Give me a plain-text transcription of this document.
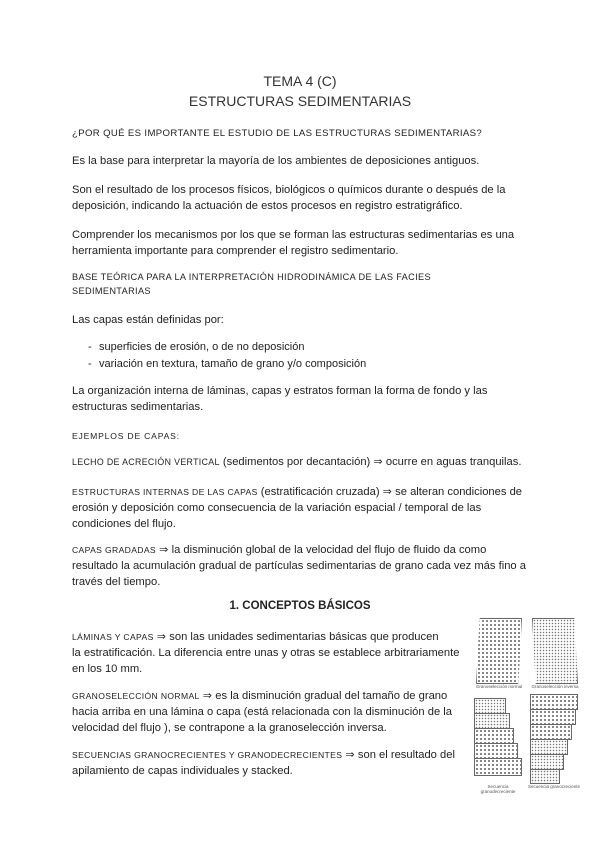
TEMA 4 (C)
ESTRUCTURAS SEDIMENTARIAS
¿POR QUÉ ES IMPORTANTE EL ESTUDIO DE LAS ESTRUCTURAS SEDIMENTARIAS?
Es la base para interpretar la mayoría de los ambientes de deposiciones antiguos.
Son el resultado de los procesos físicos, biológicos o químicos durante o después de la
deposición, indicando la actuación de estos procesos en registro estratigráfico.
Comprender los mecanismos por los que se forman las estructuras sedimentarias es una
herramienta importante para comprender el registro sedimentario.
BASE TEÓRICA PARA LA INTERPRETACIÓN HIDRODINÁMICA DE LAS FACIES
SEDIMENTARIAS
Las capas están definidas por:
- superficies de erosión, o de no deposición
- variación en textura, tamaño de grano y/o composición
La organización interna de láminas, capas y estratos forman la forma de fondo y las
estructuras sedimentarias.
EJEMPLOS DE CAPAS:
LECHO DE ACRECIÓN VERTICAL (sedimentos por decantación) ⇒ ocurre en aguas tranquilas.
ESTRUCTURAS INTERNAS DE LAS CAPAS (estratificación cruzada) ⇒ se alteran condiciones de
erosión y deposición como consecuencia de la variación espacial / temporal de las
condiciones del flujo.
CAPAS GRADADAS ⇒ la disminución global de la velocidad del flujo de fluido da como
resultado la acumulación gradual de partículas sedimentarias de grano cada vez más fino a
través del tiempo.
1. CONCEPTOS BÁSICOS
LÁMINAS Y CAPAS ⇒ son las unidades sedimentarias básicas que producen
la estratificación. La diferencia entre unas y otras se establece arbitrariamente
en los 10 mm.
GRANOSELECCIÓN NORMAL ⇒ es la disminución gradual del tamaño de grano
hacia arriba en una lámina o capa (está relacionada con la disminución de la
velocidad del flujo ), se contrapone a la granoselección inversa.
SECUENCIAS GRANOCRECIENTES Y GRANODECRECIENTES ⇒ son el resultado del
apilamiento de capas individuales y stacked.
Granoselección normal	Granoselección inversa
Secuencia granodecreciente
Secuencia granocreciente
